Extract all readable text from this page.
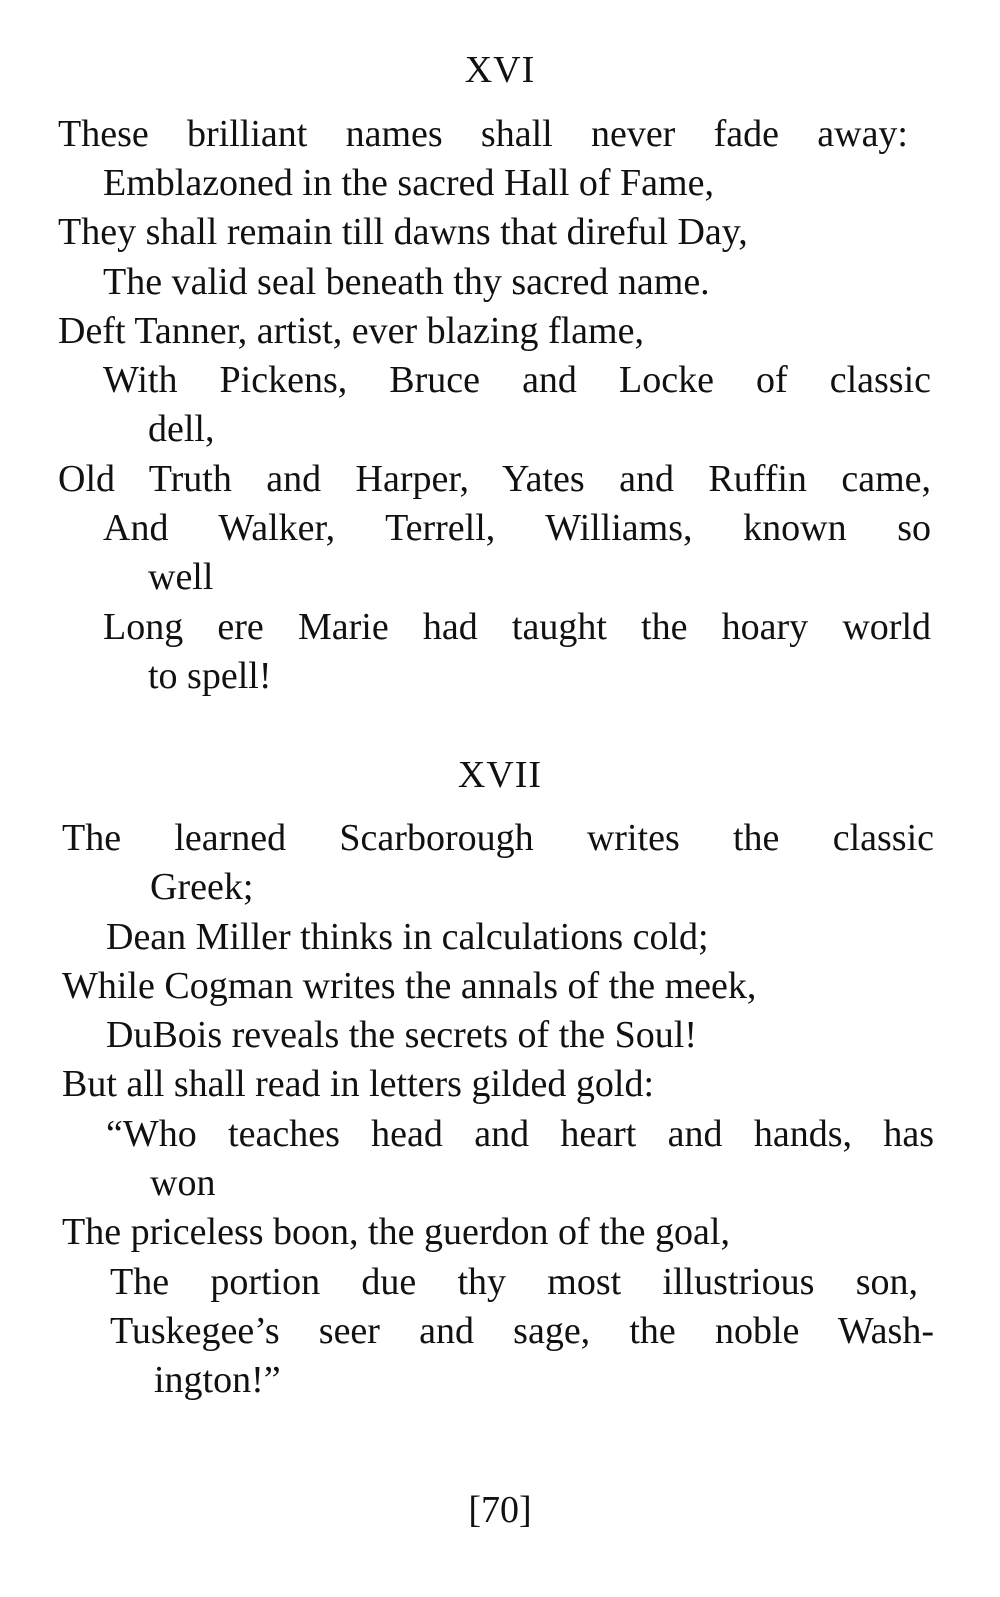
XVI
These brilliant names shall never fade away:
Emblazoned in the sacred Hall of Fame,
They shall remain till dawns that direful Day,
The valid seal beneath thy sacred name.
Deft Tanner, artist, ever blazing flame,
With Pickens, Bruce and Locke of classic
dell,
Old Truth and Harper, Yates and Ruffin came,
And Walker, Terrell, Williams, known so
well
Long ere Marie had taught the hoary world
to spell!
XVII
The learned Scarborough writes the classic
Greek;
Dean Miller thinks in calculations cold;
While Cogman writes the annals of the meek,
DuBois reveals the secrets of the Soul!
But all shall read in letters gilded gold:
“Who teaches head and heart and hands, has
won
The priceless boon, the guerdon of the goal,
The portion due thy most illustrious son,
Tuskegee’s seer and sage, the noble Wash-
ington!”
[70]
